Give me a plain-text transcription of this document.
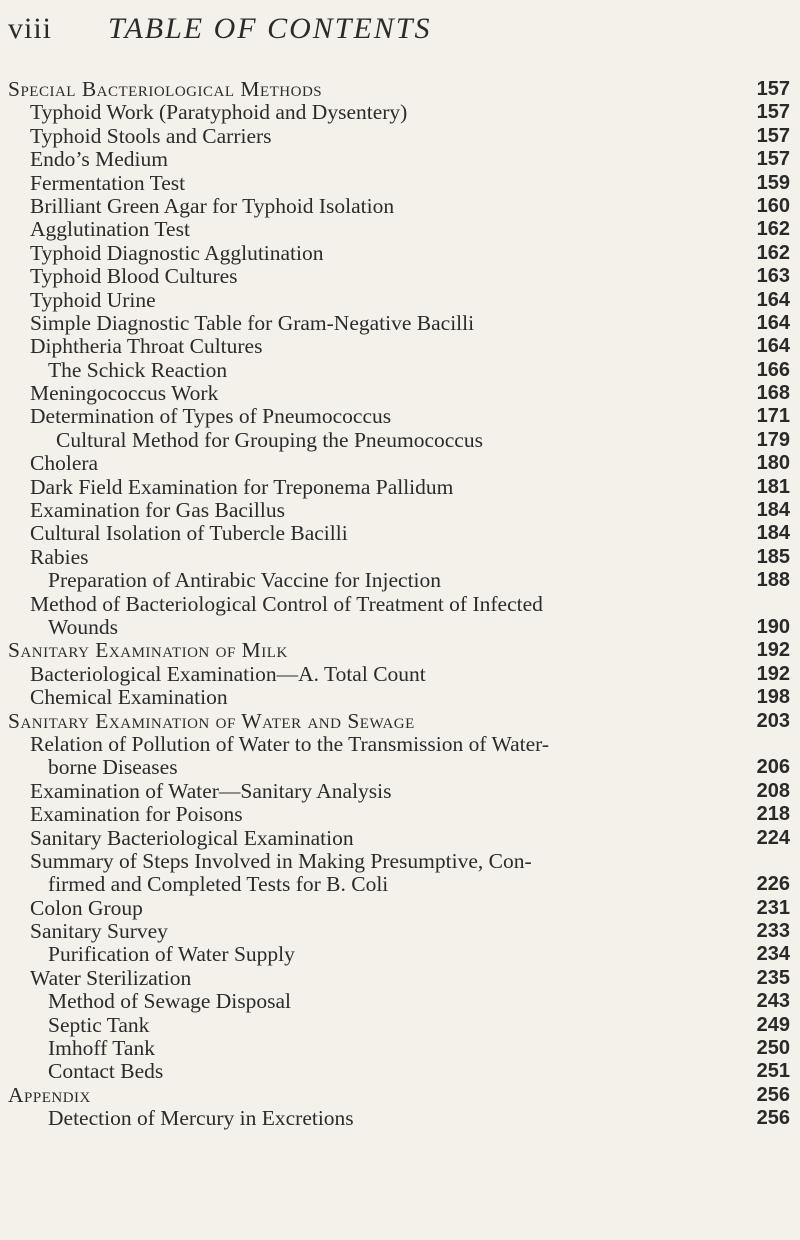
viii TABLE OF CONTENTS
Special Bacteriological Methods	157
Typhoid Work (Paratyphoid and Dysentery)	157
Typhoid Stools and Carriers	157
Endo’s Medium	157
Fermentation Test	159
Brilliant Green Agar for Typhoid Isolation	160
Agglutination Test	162
Typhoid Diagnostic Agglutination	162
Typhoid Blood Cultures	163
Typhoid Urine	164
Simple Diagnostic Table for Gram-Negative Bacilli	164
Diphtheria Throat Cultures	164
The Schick Reaction	166
Meningococcus Work	168
Determination of Types of Pneumococcus	171
Cultural Method for Grouping the Pneumococcus	179
Cholera	180
Dark Field Examination for Treponema Pallidum	181
Examination for Gas Bacillus	184
Cultural Isolation of Tubercle Bacilli	184
Rabies	185
Preparation of Antirabic Vaccine for Injection	188
Method of Bacteriological Control of Treatment of Infected
Wounds	190
Sanitary Examination of Milk	192
Bacteriological Examination—A. Total Count	192
Chemical Examination	198
Sanitary Examination of Water and Sewage	203
Relation of Pollution of Water to the Transmission of Water-
borne Diseases	206
Examination of Water—Sanitary Analysis	208
Examination for Poisons	218
Sanitary Bacteriological Examination	224
Summary of Steps Involved in Making Presumptive, Con-
firmed and Completed Tests for B. Coli	226
Colon Group	231
Sanitary Survey	233
Purification of Water Supply	234
Water Sterilization	235
Method of Sewage Disposal	243
Septic Tank	249
Imhoff Tank	250
Contact Beds	251
Appendix	256
Detection of Mercury in Excretions	256
